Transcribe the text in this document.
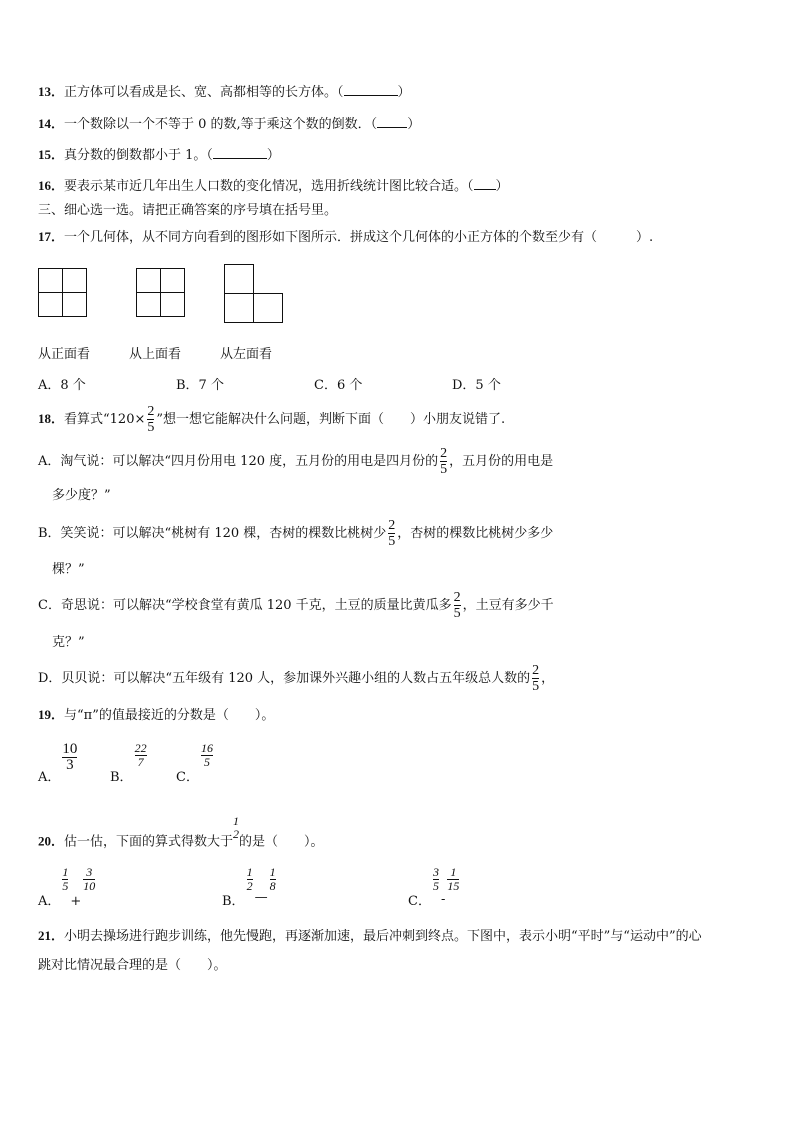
13．正方体可以看成是长、宽、高都相等的长方体。（	）
14．一个数除以一个不等于 0 的数,等于乘这个数的倒数．（ ）
15．真分数的倒数都小于 1。（	）
16．要表示某市近几年出生人口数的变化情况，选用折线统计图比较合适。（ ）
三、细心选一选。请把正确答案的序号填在括号里。
17．一个几何体，从不同方向看到的图形如下图所示．拼成这个几何体的小正方体的个数至少有（　　　）.
从正面看	从上面看	从左面看
A．8 个	B．7 个	C．6 个	D．5 个
18．看算式“$120\times \frac{2}{5}$ ”想一想它能解决什么问题，判断下面（　　）小朋友说错了.
A．淘气说：可以解决“四月份用电 120 度，五月份的用电是四月份的 $\frac{2}{5}$ ，五月份的用电是
多少度？”
B．笑笑说：可以解决“桃树有 120 棵，杏树的棵数比桃树少 $\frac{2}{5}$ ，杏树的棵数比桃树少多少
棵？”
C．奇思说：可以解决“学校食堂有黄瓜 120 千克，土豆的质量比黄瓜多 $\frac{2}{5}$ ，土豆有多少千
克？”
D．贝贝说：可以解决“五年级有 120 人，参加课外兴趣小组的人数占五年级总人数的 $\frac{2}{5}$ ，
19．与“π”的值最接近的分数是（　　）。
A．
$\frac{10}{3}$
B．
$\frac{22}{7}$
C．
$\frac{16}{5}$
20．估一估，下面的算式得数大于
1
2
的是（　　）。
A．
$\frac{1}{5}$
+
$\frac{3}{10}$
B．
$\frac{1}{2}$
—
$\frac{1}{8}$
C．
$\frac{3}{5}$
-
$\frac{1}{15}$
21．小明去操场进行跑步训练，他先慢跑，再逐渐加速，最后冲刺到终点。下图中，表示小明“平时”与“运动中”的心
跳对比情况最合理的是（　　）。
